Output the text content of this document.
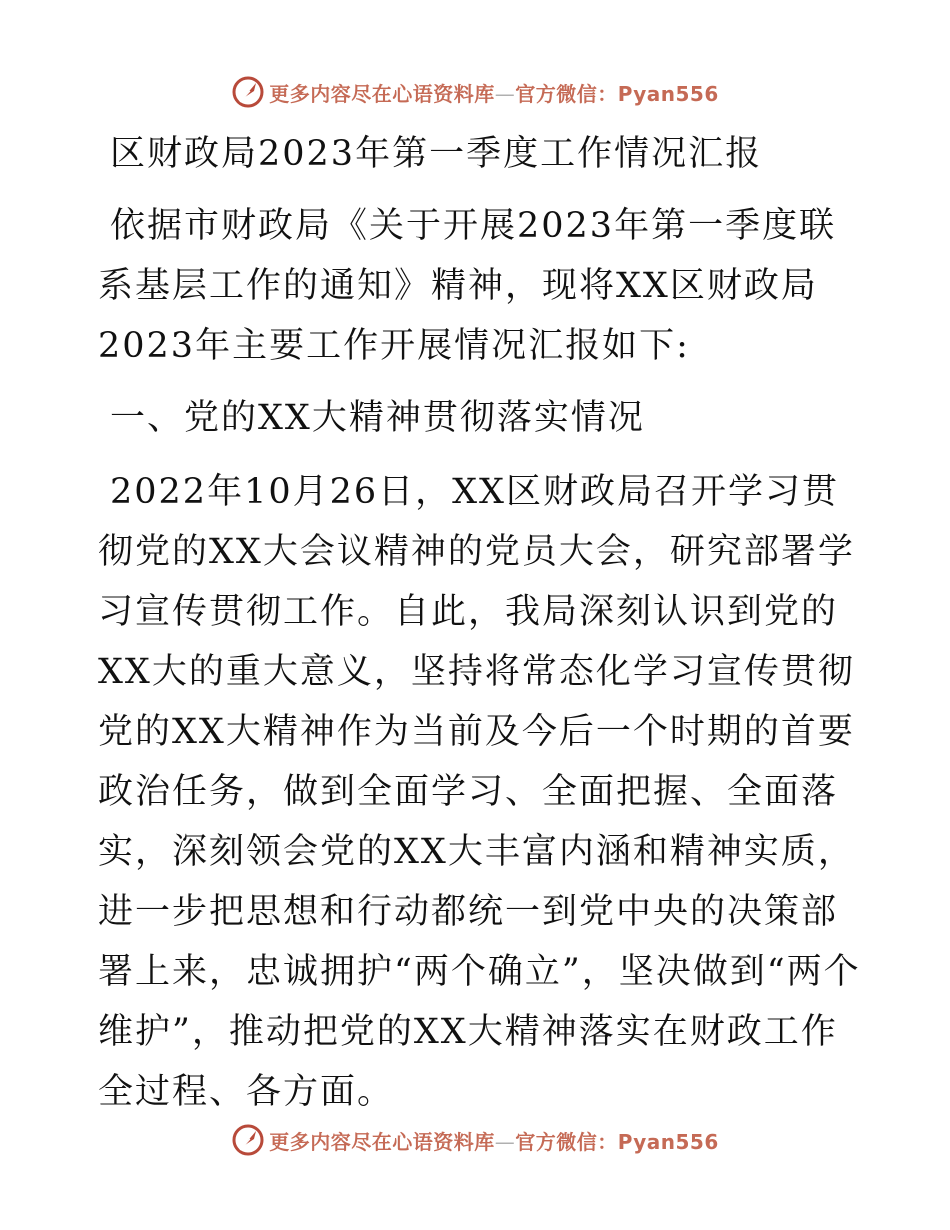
更多内容尽在心语资料库—官方微信：Pyan556

区财政局2023年第一季度工作情况汇报

依据市财政局《关于开展2023年第一季度联系基层工作的通知》精神，现将XX区财政局2023年主要工作开展情况汇报如下:

一、党的XX大精神贯彻落实情况

2022年10月26日，XX区财政局召开学习贯彻党的XX大会议精神的党员大会，研究部署学习宣传贯彻工作。自此，我局深刻认识到党的XX大的重大意义，坚持将常态化学习宣传贯彻党的XX大精神作为当前及今后一个时期的首要政治任务，做到全面学习、全面把握、全面落实，深刻领会党的XX大丰富内涵和精神实质，进一步把思想和行动都统一到党中央的决策部署上来，忠诚拥护“两个确立”，坚决做到“两个维护”，推动把党的XX大精神落实在财政工作全过程、各方面。

更多内容尽在心语资料库—官方微信：Pyan556
